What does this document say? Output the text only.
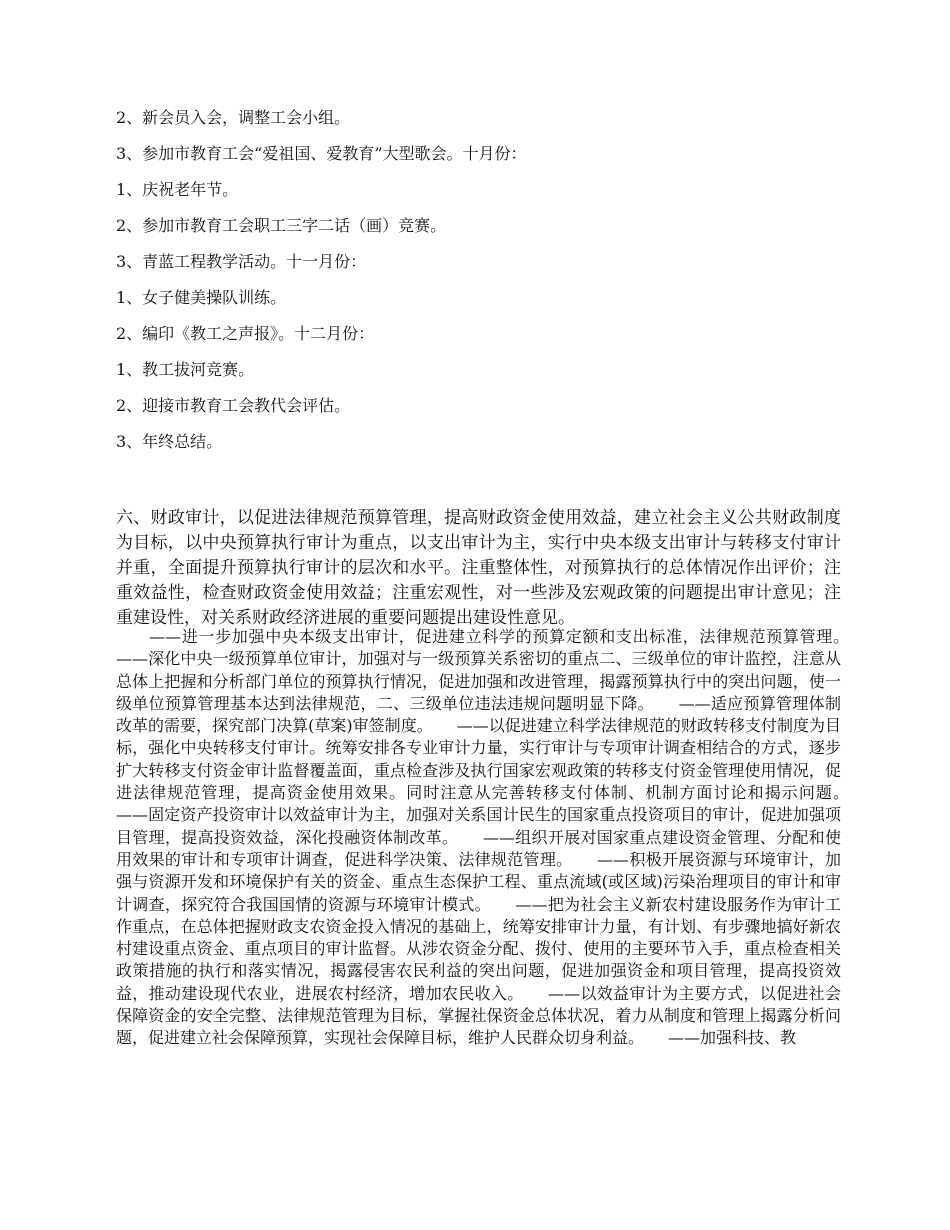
2、新会员入会，调整工会小组。
3、参加市教育工会“爱祖国、爱教育”大型歌会。十月份：
1、庆祝老年节。
2、参加市教育工会职工三字二话（画）竞赛。
3、青蓝工程教学活动。十一月份：
1、女子健美操队训练。
2、编印《教工之声报》。十二月份：
1、教工拔河竞赛。
2、迎接市教育工会教代会评估。
3、年终总结。

六、财政审计，以促进法律规范预算管理，提高财政资金使用效益，建立社会主义公共财政制度为目标，以中央预算执行审计为重点，以支出审计为主，实行中央本级支出审计与转移支付审计并重，全面提升预算执行审计的层次和水平。注重整体性，对预算执行的总体情况作出评价；注重效益性，检查财政资金使用效益；注重宏观性，对一些涉及宏观政策的问题提出审计意见；注重建设性，对关系财政经济进展的重要问题提出建设性意见。

——进一步加强中央本级支出审计，促进建立科学的预算定额和支出标准，法律规范预算管理。　　——深化中央一级预算单位审计，加强对与一级预算关系密切的重点二、三级单位的审计监控，注意从总体上把握和分析部门单位的预算执行情况，促进加强和改进管理，揭露预算执行中的突出问题，使一级单位预算管理基本达到法律规范，二、三级单位违法违规问题明显下降。　　——适应预算管理体制改革的需要，探究部门决算(草案)审签制度。　　——以促进建立科学法律规范的财政转移支付制度为目标，强化中央转移支付审计。统筹安排各专业审计力量，实行审计与专项审计调查相结合的方式，逐步扩大转移支付资金审计监督覆盖面，重点检查涉及执行国家宏观政策的转移支付资金管理使用情况，促进法律规范管理，提高资金使用效果。同时注意从完善转移支付体制、机制方面讨论和揭示问题。　　——固定资产投资审计以效益审计为主，加强对关系国计民生的国家重点投资项目的审计，促进加强项目管理，提高投资效益，深化投融资体制改革。　　——组织开展对国家重点建设资金管理、分配和使用效果的审计和专项审计调查，促进科学决策、法律规范管理。　　——积极开展资源与环境审计，加强与资源开发和环境保护有关的资金、重点生态保护工程、重点流域(或区域)污染治理项目的审计和审计调查，探究符合我国国情的资源与环境审计模式。　　——把为社会主义新农村建设服务作为审计工作重点，在总体把握财政支农资金投入情况的基础上，统筹安排审计力量，有计划、有步骤地搞好新农村建设重点资金、重点项目的审计监督。从涉农资金分配、拨付、使用的主要环节入手，重点检查相关政策措施的执行和落实情况，揭露侵害农民利益的突出问题，促进加强资金和项目管理，提高投资效益，推动建设现代农业，进展农村经济，增加农民收入。　　——以效益审计为主要方式，以促进社会保障资金的安全完整、法律规范管理为目标，掌握社保资金总体状况，着力从制度和管理上揭露分析问题，促进建立社会保障预算，实现社会保障目标，维护人民群众切身利益。　　——加强科技、教
